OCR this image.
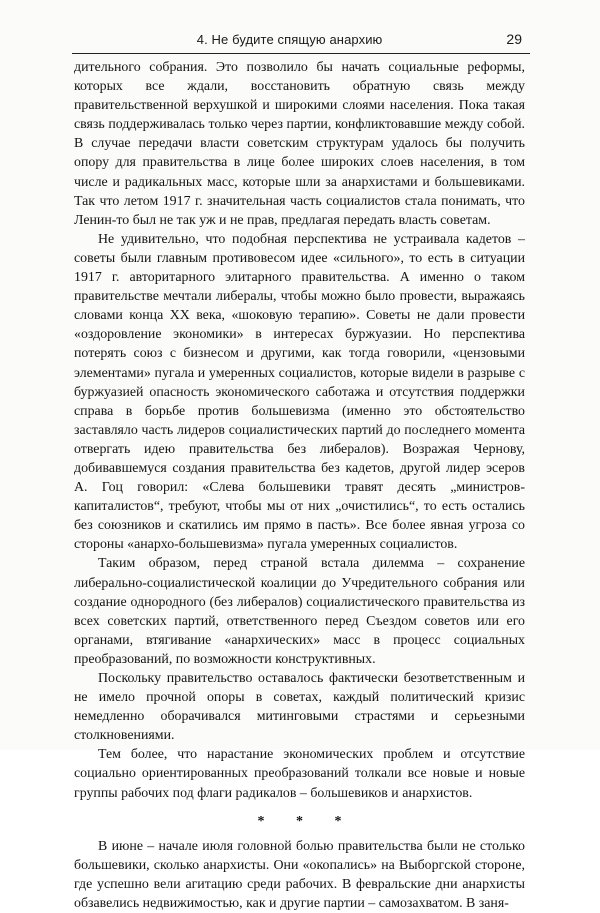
4. Не будите спящую анархию	29

дительного собрания. Это позволило бы начать социальные реформы, которых все ждали, восстановить обратную связь между правительственной верхушкой и широкими слоями населения. Пока такая связь поддерживалась только через партии, конфликтовавшие между собой. В случае передачи власти советским структурам удалось бы получить опору для правительства в лице более широких слоев населения, в том числе и радикальных масс, которые шли за анархистами и большевиками. Так что летом 1917 г. значительная часть социалистов стала понимать, что Ленин-то был не так уж и не прав, предлагая передать власть советам.

Не удивительно, что подобная перспектива не устраивала кадетов – советы были главным противовесом идее «сильного», то есть в ситуации 1917 г. авторитарного элитарного правительства. А именно о таком правительстве мечтали либералы, чтобы можно было провести, выражаясь словами конца XX века, «шоковую терапию». Советы не дали провести «оздоровление экономики» в интересах буржуазии. Но перспектива потерять союз с бизнесом и другими, как тогда говорили, «цензовыми элементами» пугала и умеренных социалистов, которые видели в разрыве с буржуазией опасность экономического саботажа и отсутствия поддержки справа в борьбе против большевизма (именно это обстоятельство заставляло часть лидеров социалистических партий до последнего момента отвергать идею правительства без либералов). Возражая Чернову, добивавшемуся создания правительства без кадетов, другой лидер эсеров А. Гоц говорил: «Слева большевики травят десять „министров-капиталистов“, требуют, чтобы мы от них „очистились“, то есть остались без союзников и скатились им прямо в пасть». Все более явная угроза со стороны «анархо-большевизма» пугала умеренных социалистов.

Таким образом, перед страной встала дилемма – сохранение либерально-социалистической коалиции до Учредительного собрания или создание однородного (без либералов) социалистического правительства из всех советских партий, ответственного перед Съездом советов или его органами, втягивание «анархических» масс в процесс социальных преобразований, по возможности конструктивных.

Поскольку правительство оставалось фактически безответственным и не имело прочной опоры в советах, каждый политический кризис немедленно оборачивался митинговыми страстями и серьезными столкновениями.

Тем более, что нарастание экономических проблем и отсутствие социально ориентированных преобразований толкали все новые и новые группы рабочих под флаги радикалов – большевиков и анархистов.

* * *

В июне – начале июля головной болью правительства были не столько большевики, сколько анархисты. Они «окопались» на Выборгской стороне, где успешно вели агитацию среди рабочих. В февральские дни анархисты обзавелись недвижимостью, как и другие партии – самозахватом. В заня-
